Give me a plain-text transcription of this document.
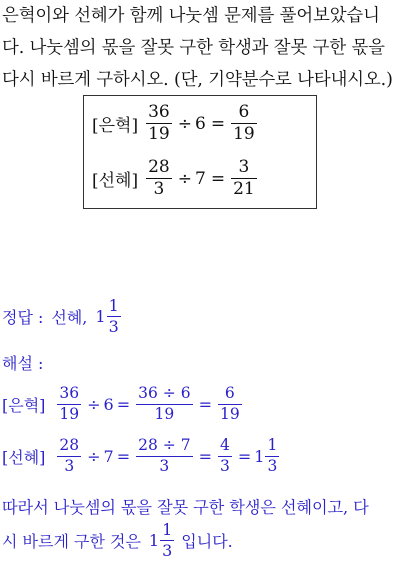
은혁이와 선혜가 함께 나눗셈 문제를 풀어보았습니
다. 나눗셈의 몫을 잘못 구한 학생과 잘못 구한 몫을
다시 바르게 구하시오. (단, 기약분수로 나타내시오.)
[은혁] $\frac{36}{19} \div 6 = \frac{6}{19}$
[선혜] $\frac{28}{3} \div 7 = \frac{3}{21}$
정답 : 선혜, $1 \frac{1}{3}$
해설 :
[은혁] $\frac{36}{19} \div 6 = \frac{36 \div 6}{19} = \frac{6}{19}$
[선혜] $\frac{28}{3} \div 7 = \frac{28 \div 7}{3} = \frac{4}{3} = 1 \frac{1}{3}$
따라서 나눗셈의 몫을 잘못 구한 학생은 선혜이고, 다
시 바르게 구한 것은 $1 \frac{1}{3}$ 입니다.
